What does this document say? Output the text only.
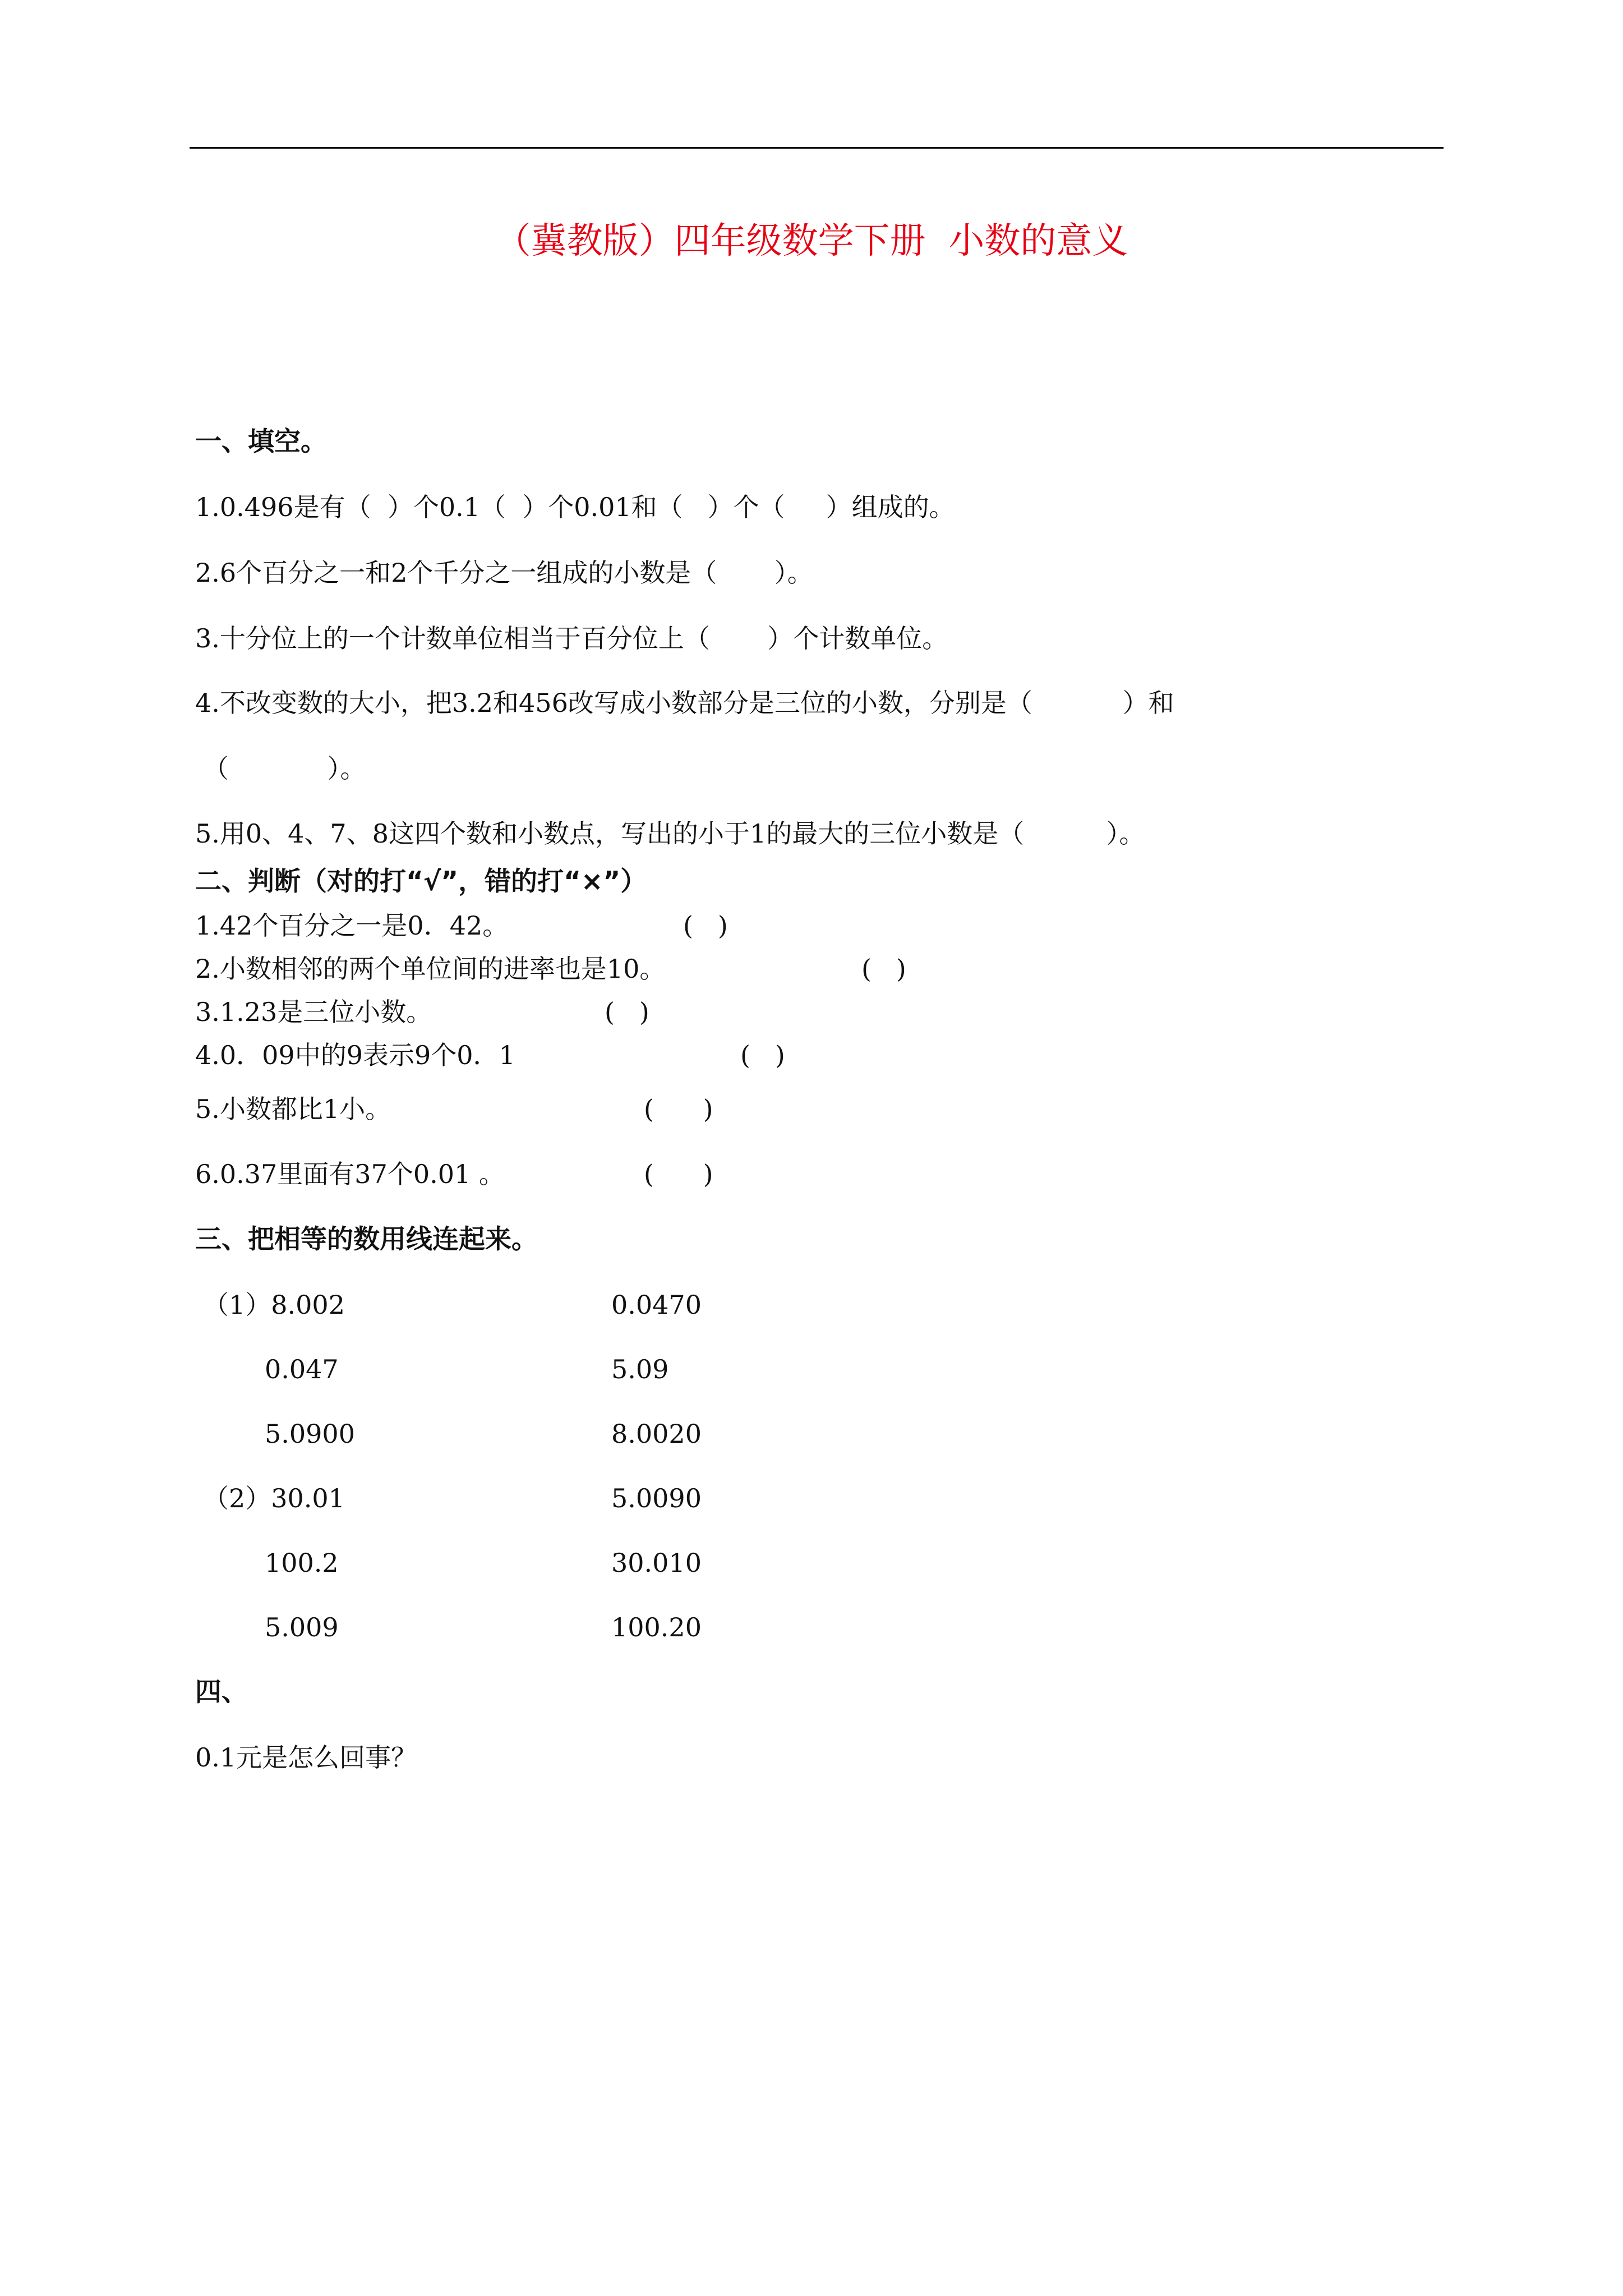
（冀教版）四年级数学下册  小数的意义
一、填空。
1.0.496是有（  ）个0.1（  ）个0.01和（   ）个（     ）组成的。
2.6个百分之一和2个千分之一组成的小数是（       ）。
3.十分位上的一个计数单位相当于百分位上（       ）个计数单位。
4.不改变数的大小，把3.2和456改写成小数部分是三位的小数，分别是（           ）和
（            ）。
5.用0、4、7、8这四个数和小数点，写出的小于1的最大的三位小数是（          ）。
二、判断（对的打“√”，错的打“×”）
1.42个百分之一是0．42。	(   )
2.小数相邻的两个单位间的进率也是10。	(   )
3.1.23是三位小数。	(   )
4.0．09中的9表示9个0．1	(   )
5.小数都比1小。	(      )
6.0.37里面有37个0.01 。	(      )
三、把相等的数用线连起来。
（1）8.002	0.0470
0.047	5.09
5.0900	8.0020
（2）30.01	5.0090
100.2	30.010
5.009	100.20
四、
0.1元是怎么回事？
